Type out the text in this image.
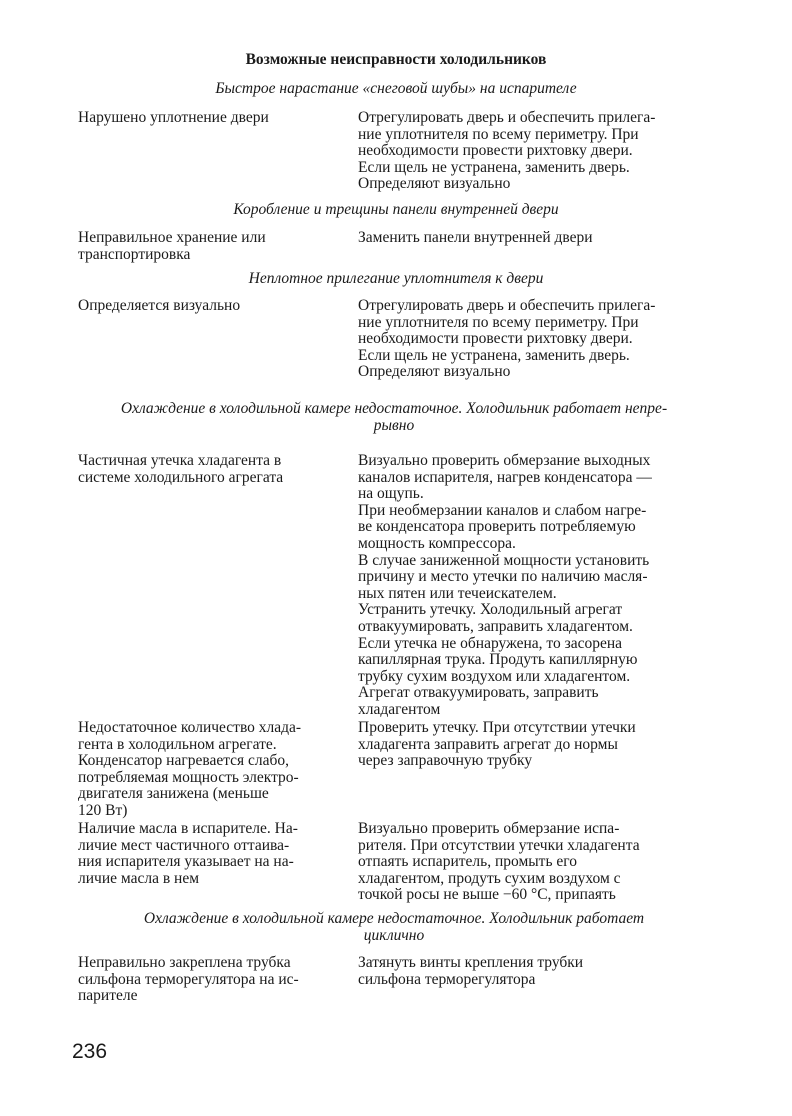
Возможные неисправности холодильников
Быстрое нарастание «снеговой шубы» на испарителе
Нарушено уплотнение двери	Отрегулировать дверь и обеспечить прилега-
ние уплотнителя по всему периметру. При
необходимости провести рихтовку двери.
Если щель не устранена, заменить дверь.
Определяют визуально
Коробление и трещины панели внутренней двери
Неправильное хранение или
транспортировка
Заменить панели внутренней двери
Неплотное прилегание уплотнителя к двери
Определяется визуально	Отрегулировать дверь и обеспечить прилега-
ние уплотнителя по всему периметру. При
необходимости провести рихтовку двери.
Если щель не устранена, заменить дверь.
Определяют визуально
Охлаждение в холодильной камере недостаточное. Холодильник работает непре-
рывно
Частичная утечка хладагента в
системе холодильного агрегата
Визуально проверить обмерзание выходных
каналов испарителя, нагрев конденсатора —
на ощупь.
При необмерзании каналов и слабом нагре-
ве конденсатора проверить потребляемую
мощность компрессора.
В случае заниженной мощности установить
причину и место утечки по наличию масля-
ных пятен или течеискателем.
Устранить утечку. Холодильный агрегат
отвакуумировать, заправить хладагентом.
Если утечка не обнаружена, то засорена
капиллярная трука. Продуть капиллярную
трубку сухим воздухом или хладагентом.
Агрегат отвакуумировать, заправить
хладагентом
Недостаточное количество хлада-
гента в холодильном агрегате.
Конденсатор нагревается слабо,
потребляемая мощность электро-
двигателя занижена (меньше
120 Вт)
Проверить утечку. При отсутствии утечки
хладагента заправить агрегат до нормы
через заправочную трубку
Наличие масла в испарителе. На-
личие мест частичного оттаива-
ния испарителя указывает на на-
личие масла в нем
Визуально проверить обмерзание испа-
рителя. При отсутствии утечки хладагента
отпаять испаритель, промыть его
хладагентом, продуть сухим воздухом с
точкой росы не выше −60 °С, припаять
Охлаждение в холодильной камере недостаточное. Холодильник работает
циклично
Неправильно закреплена трубка
сильфона терморегулятора на ис-
парителе
Затянуть винты крепления трубки
сильфона терморегулятора
236
